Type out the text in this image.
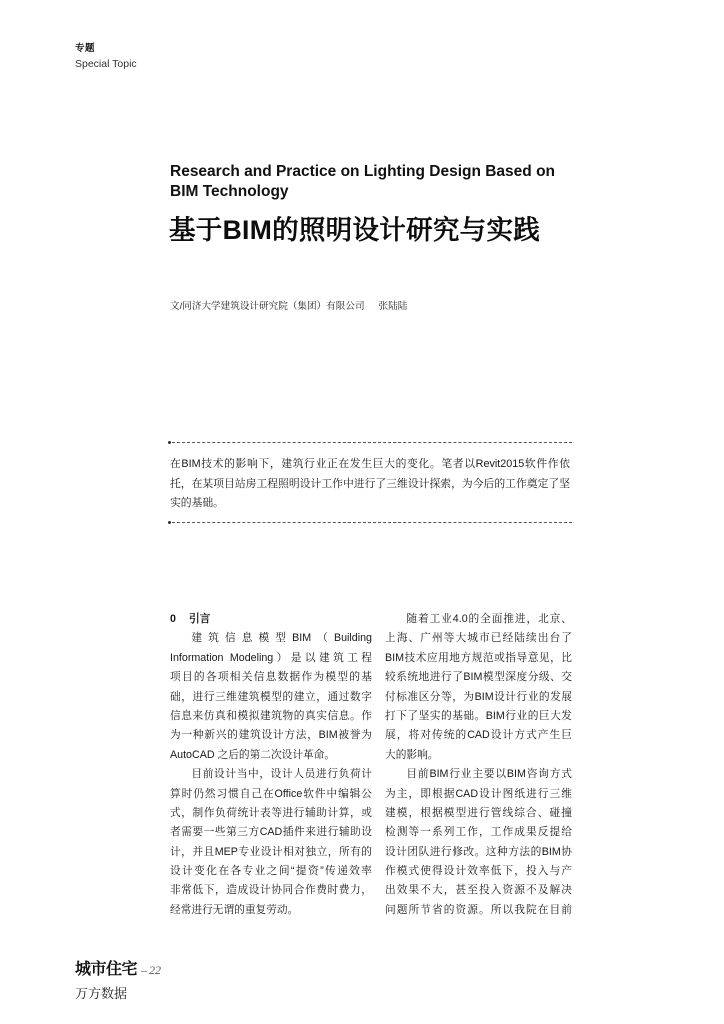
专题
Special Topic
Research and Practice on Lighting Design Based on
BIM Technology
基于BIM的照明设计研究与实践
文/同济大学建筑设计研究院（集团）有限公司 张陆陆
在BIM技术的影响下，建筑行业正在发生巨大的变化。笔者以Revit2015软件作依
托，在某项目站房工程照明设计工作中进行了三维设计探索，为今后的工作奠定了坚
实的基础。
0 引言
建筑信息模型BIM（Building
Information Modeling）是以建筑工程
项目的各项相关信息数据作为模型的基
础，进行三维建筑模型的建立，通过数字
信息来仿真和模拟建筑物的真实信息。作
为一种新兴的建筑设计方法，BIM被誉为
AutoCAD 之后的第二次设计革命。
目前设计当中，设计人员进行负荷计
算时仍然习惯自己在Office软件中编辑公
式，制作负荷统计表等进行辅助计算，或
者需要一些第三方CAD插件来进行辅助设
计，并且MEP专业设计相对独立，所有的
设计变化在各专业之间“提资”传递效率
非常低下，造成设计协同合作费时费力，
经常进行无谓的重复劳动。
随着工业4.0的全面推进，北京、
上海、广州等大城市已经陆续出台了
BIM技术应用地方规范或指导意见，比
较系统地进行了BIM模型深度分级、交
付标准区分等，为BIM设计行业的发展
打下了坚实的基础。BIM行业的巨大发
展，将对传统的CAD设计方式产生巨
大的影响。
目前BIM行业主要以BIM咨询方式
为主，即根据CAD设计图纸进行三维
建模，根据模型进行管线综合、碰撞
检测等一系列工作，工作成果反提给
设计团队进行修改。这种方法的BIM协
作模式使得设计效率低下，投入与产
出效果不大，甚至投入资源不及解决
问题所节省的资源。所以我院在目前
城市住宅 – 22
万方数据
